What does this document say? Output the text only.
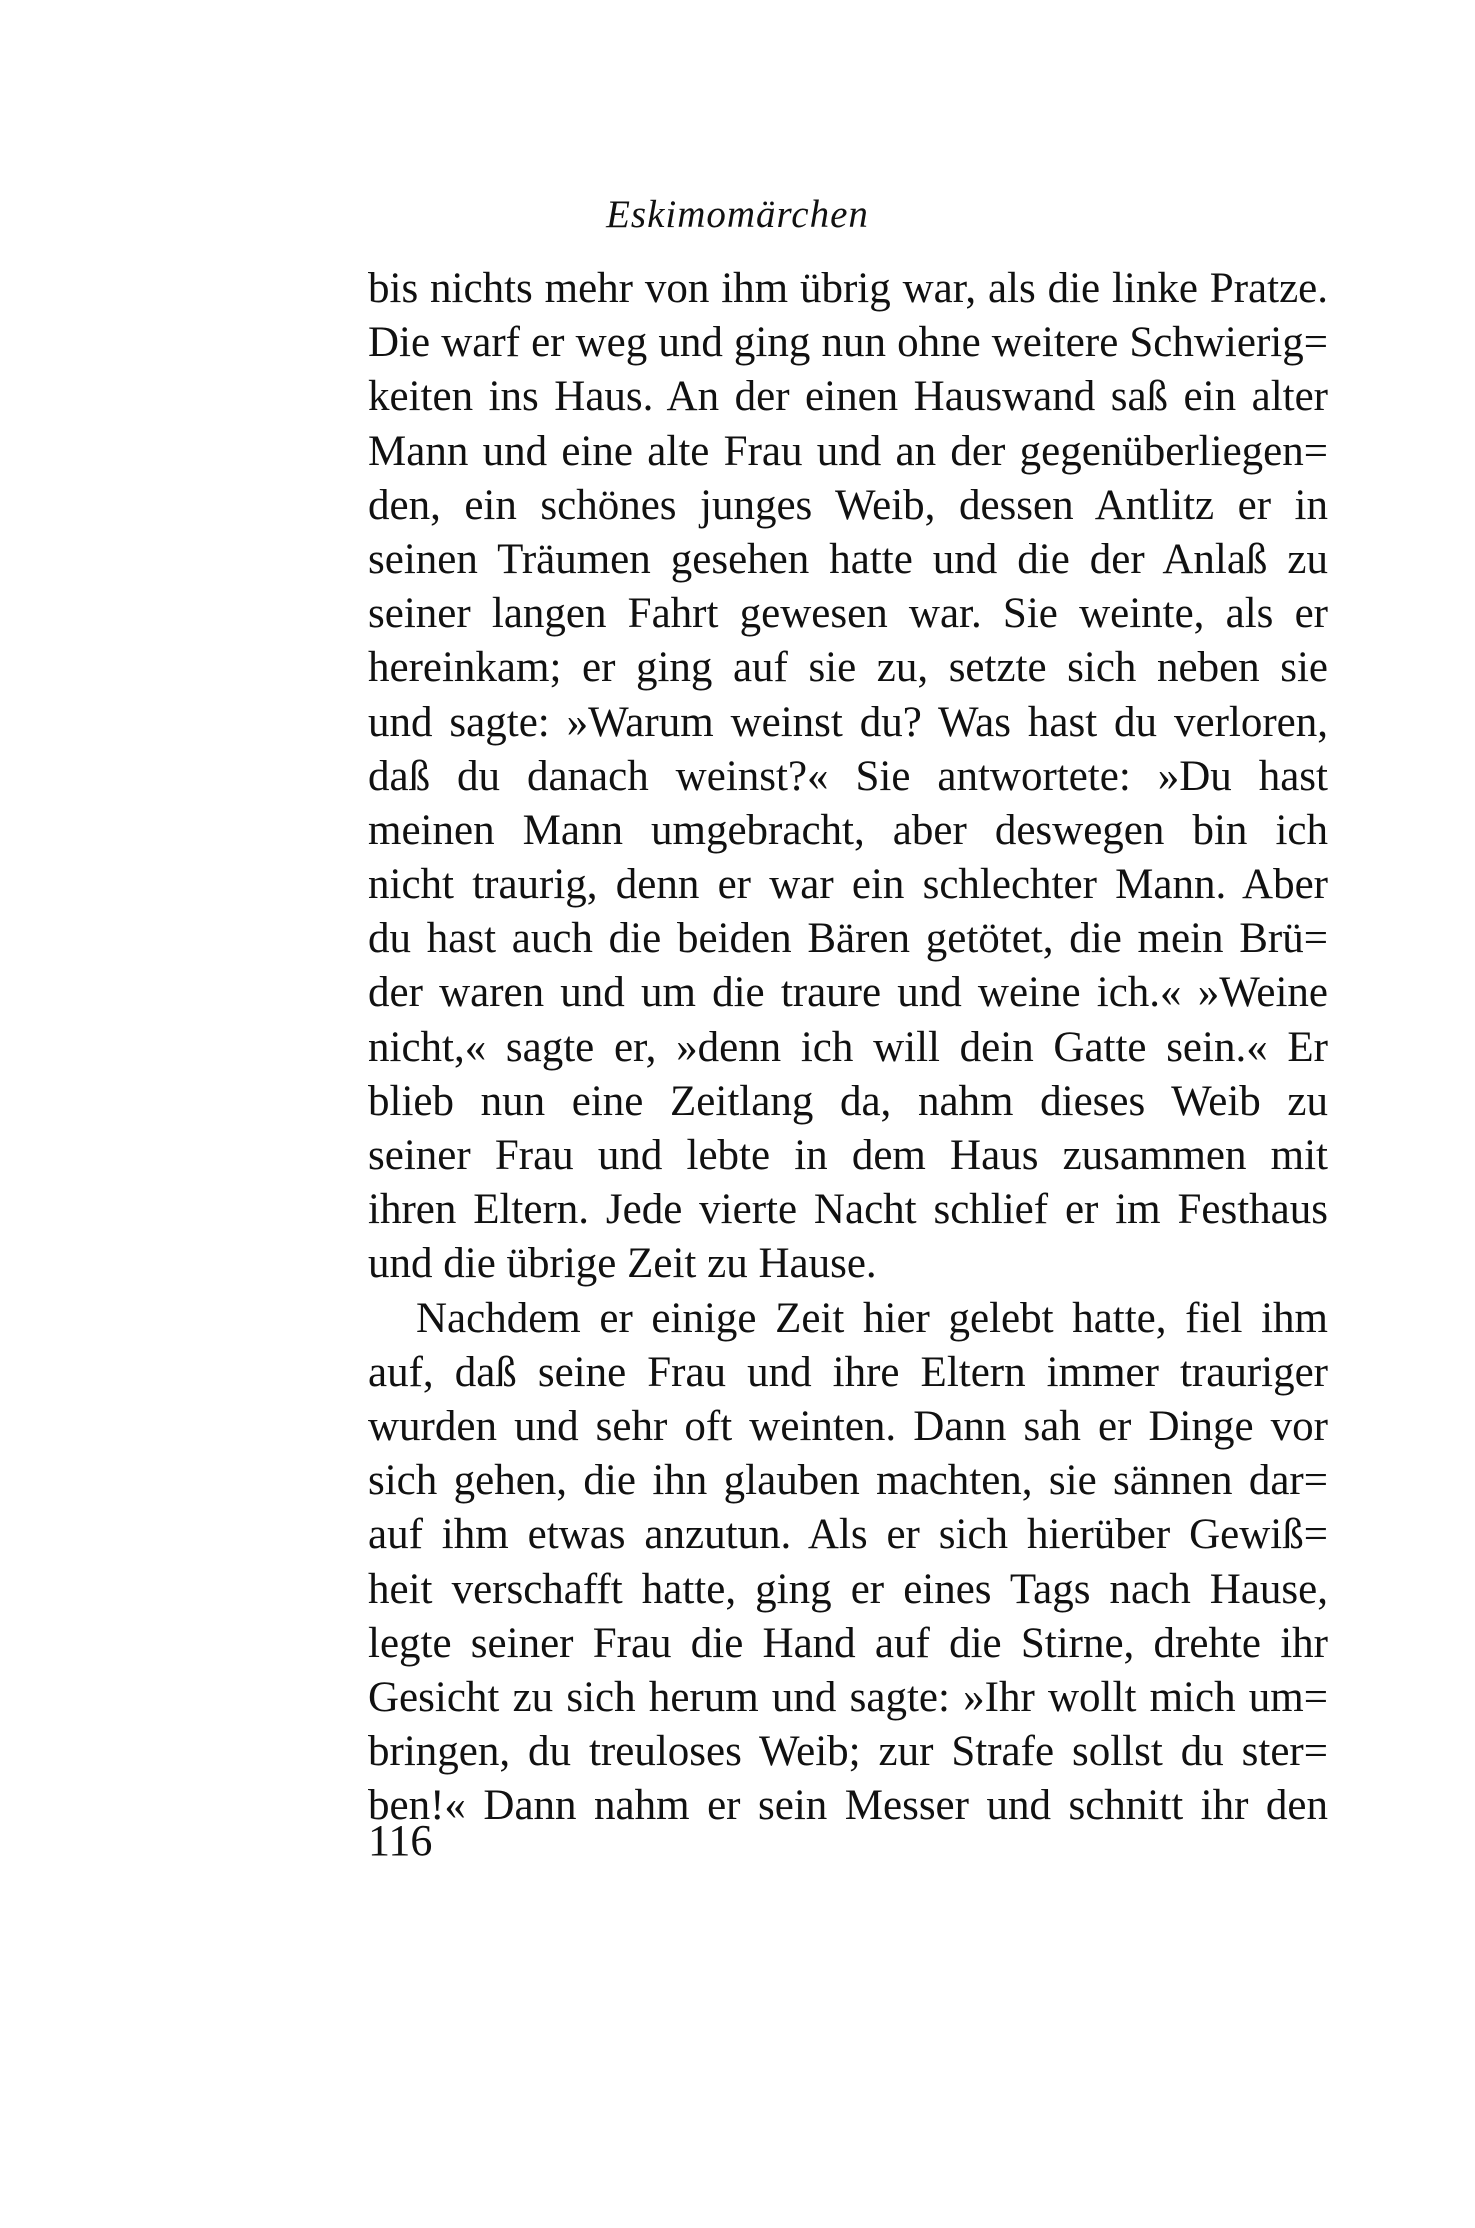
Eskimomärchen
bis nichts mehr von ihm übrig war, als die linke Pratze.
Die warf er weg und ging nun ohne weitere Schwierig=
keiten ins Haus. An der einen Hauswand saß ein alter
Mann und eine alte Frau und an der gegenüberliegen=
den, ein schönes junges Weib, dessen Antlitz er in
seinen Träumen gesehen hatte und die der Anlaß zu
seiner langen Fahrt gewesen war. Sie weinte, als er
hereinkam; er ging auf sie zu, setzte sich neben sie
und sagte: »Warum weinst du? Was hast du verloren,
daß du danach weinst?« Sie antwortete: »Du hast
meinen Mann umgebracht, aber deswegen bin ich
nicht traurig, denn er war ein schlechter Mann. Aber
du hast auch die beiden Bären getötet, die mein Brü=
der waren und um die traure und weine ich.« »Weine
nicht,« sagte er, »denn ich will dein Gatte sein.« Er
blieb nun eine Zeitlang da, nahm dieses Weib zu
seiner Frau und lebte in dem Haus zusammen mit
ihren Eltern. Jede vierte Nacht schlief er im Festhaus
und die übrige Zeit zu Hause.
Nachdem er einige Zeit hier gelebt hatte, fiel ihm
auf, daß seine Frau und ihre Eltern immer trauriger
wurden und sehr oft weinten. Dann sah er Dinge vor
sich gehen, die ihn glauben machten, sie sännen dar=
auf ihm etwas anzutun. Als er sich hierüber Gewiß=
heit verschafft hatte, ging er eines Tags nach Hause,
legte seiner Frau die Hand auf die Stirne, drehte ihr
Gesicht zu sich herum und sagte: »Ihr wollt mich um=
bringen, du treuloses Weib; zur Strafe sollst du ster=
ben!« Dann nahm er sein Messer und schnitt ihr den
116
